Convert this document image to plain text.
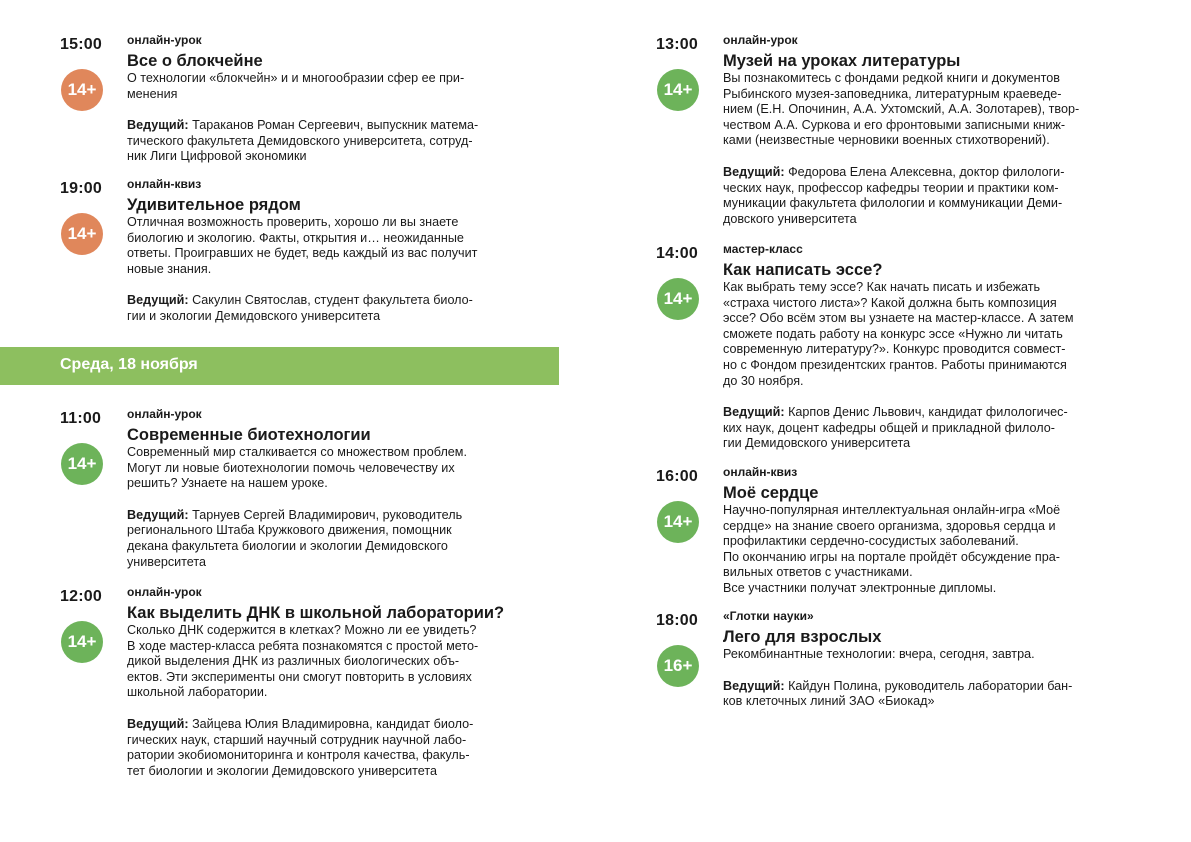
15:00
14+
онлайн-урок
Все о блокчейне
О технологии «блокчейн» и и многообразии сфер ее при-
менения
Ведущий: Тараканов Роман Сергеевич, выпускник матема-
тического факультета Демидовского университета, сотруд-
ник Лиги Цифровой экономики
19:00
14+
онлайн-квиз
Удивительное рядом
Отличная возможность проверить, хорошо ли вы знаете
биологию и экологию. Факты, открытия и… неожиданные
ответы. Проигравших не будет, ведь каждый из вас получит
новые знания.
Ведущий: Сакулин Святослав, студент факультета биоло-
гии и экологии Демидовского университета
Среда, 18 ноября
11:00
14+
онлайн-урок
Современные биотехнологии
Современный мир сталкивается со множеством проблем.
Могут ли новые биотехнологии помочь человечеству их
решить? Узнаете на нашем уроке.
Ведущий: Тарнуев Сергей Владимирович, руководитель
регионального Штаба Кружкового движения, помощник
декана факультета биологии и экологии Демидовского
университета
12:00
14+
онлайн-урок
Как выделить ДНК в школьной лаборатории?
Сколько ДНК содержится в клетках? Можно ли ее увидеть?
В ходе мастер-класса ребята познакомятся с простой мето-
дикой выделения ДНК из различных биологических объ-
ектов. Эти эксперименты они смогут повторить в условиях
школьной лаборатории.
Ведущий: Зайцева Юлия Владимировна, кандидат биоло-
гических наук, старший научный сотрудник научной лабо-
ратории экобиомониторинга и контроля качества, факуль-
тет биологии и экологии Демидовского университета
13:00
14+
онлайн-урок
Музей на уроках литературы
Вы познакомитесь с фондами редкой книги и документов
Рыбинского музея-заповедника, литературным краеведе-
нием (Е.Н. Опочинин, А.А. Ухтомский, А.А. Золотарев), твор-
чеством А.А. Суркова и его фронтовыми записными книж-
ками (неизвестные черновики военных стихотворений).
Ведущий: Федорова Елена Алексевна, доктор филологи-
ческих наук, профессор кафедры теории и практики ком-
муникации факультета филологии и коммуникации Деми-
довского университета
14:00
14+
мастер-класс
Как написать эссе?
Как выбрать тему эссе? Как начать писать и избежать
«страха чистого листа»? Какой должна быть композиция
эссе? Обо всём этом вы узнаете на мастер-классе. А затем
сможете подать работу на конкурс эссе «Нужно ли читать
современную литературу?». Конкурс проводится совмест-
но с Фондом президентских грантов. Работы принимаются
до 30 ноября.
Ведущий: Карпов Денис Львович, кандидат филологичес-
ких наук, доцент кафедры общей и прикладной филоло-
гии Демидовского университета
16:00
14+
онлайн-квиз
Моё сердце
Научно-популярная интеллектуальная онлайн-игра «Моё
сердце» на знание своего организма, здоровья сердца и
профилактики сердечно-сосудистых заболеваний.
По окончанию игры на портале пройдёт обсуждение пра-
вильных ответов с участниками.
Все участники получат электронные дипломы.
18:00
16+
«Глотки науки»
Лего для взрослых
Рекомбинантные технологии: вчера, сегодня, завтра.
Ведущий: Кайдун Полина, руководитель лаборатории бан-
ков клеточных линий ЗАО «Биокад»
